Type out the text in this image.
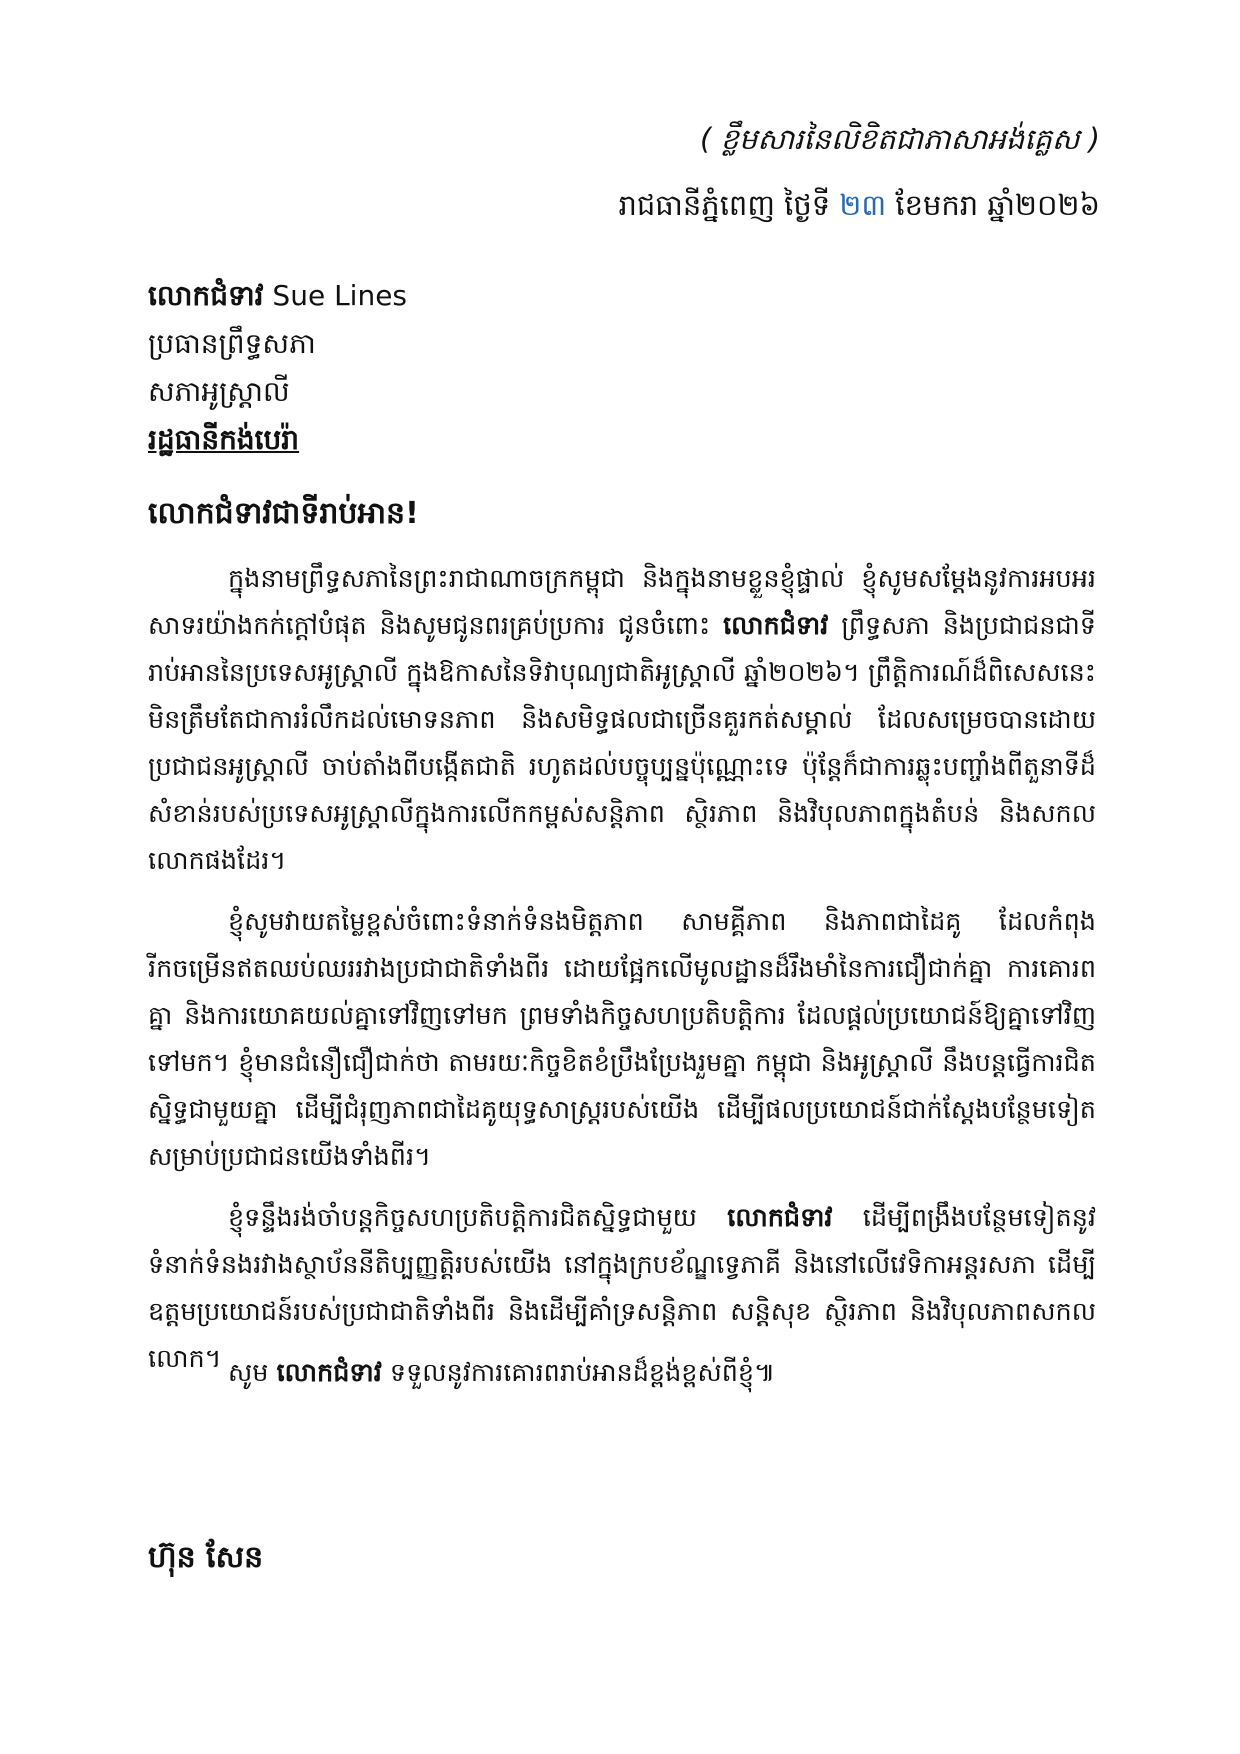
( ខ្លឹមសារនៃលិខិតជាភាសាអង់គ្លេស )
រាជធានីភ្នំពេញ ថ្ងៃទី ២៣ ខែមករា ឆ្នាំ២០២៦
លោកជំទាវ Sue Lines
ប្រធានព្រឹទ្ធសភា
សភាអូស្ត្រាលី
រដ្ឋធានីកង់បេរ៉ា
លោកជំទាវជាទីរាប់អាន!

ក្នុងនាមព្រឹទ្ធសភានៃព្រះរាជាណាចក្រកម្ពុជា និងក្នុងនាមខ្លួនខ្ញុំផ្ទាល់ ខ្ញុំសូមសម្ដែងនូវការអបអរសាទរយ៉ាងកក់ក្ដៅបំផុត និងសូមជូនពរគ្រប់ប្រការ ជូនចំពោះ លោកជំទាវ ព្រឹទ្ធសភា និងប្រជាជនជាទីរាប់អាននៃប្រទេសអូស្ត្រាលី ក្នុងឱកាសនៃទិវាបុណ្យជាតិអូស្ត្រាលី ឆ្នាំ២០២៦។ ព្រឹត្តិការណ៍ដ៏ពិសេសនេះ មិនត្រឹមតែជាការរំលឹកដល់មោទនភាព និងសមិទ្ធផលជាច្រើនគួរកត់សម្គាល់ ដែលសម្រេចបានដោយប្រជាជនអូស្ត្រាលី ចាប់តាំងពីបង្កើតជាតិ រហូតដល់បច្ចុប្បន្នប៉ុណ្ណោះទេ ប៉ុន្តែក៏ជាការឆ្លុះបញ្ចាំងពីតួនាទីដ៏សំខាន់របស់ប្រទេសអូស្ត្រាលីក្នុងការលើកកម្ពស់សន្តិភាព ស្ថិរភាព និងវិបុលភាពក្នុងតំបន់ និងសកលលោកផងដែរ។

ខ្ញុំសូមវាយតម្លៃខ្ពស់ចំពោះទំនាក់ទំនងមិត្តភាព សាមគ្គីភាព និងភាពជាដៃគូ ដែលកំពុងរីកចម្រើនឥតឈប់ឈររវាងប្រជាជាតិទាំងពីរ ដោយផ្អែកលើមូលដ្ឋានដ៏រឹងមាំនៃការជឿជាក់គ្នា ការគោរពគ្នា និងការយោគយល់គ្នាទៅវិញទៅមក ព្រមទាំងកិច្ចសហប្រតិបត្តិការ ដែលផ្ដល់ប្រយោជន៍ឱ្យគ្នាទៅវិញទៅមក។ ខ្ញុំមានជំនឿជឿជាក់ថា តាមរយៈកិច្ចខិតខំប្រឹងប្រែងរួមគ្នា កម្ពុជា និងអូស្ត្រាលី នឹងបន្តធ្វើការជិតស្និទ្ធជាមួយគ្នា ដើម្បីជំរុញភាពជាដៃគូយុទ្ធសាស្ត្ររបស់យើង ដើម្បីផលប្រយោជន៍ជាក់ស្ដែងបន្ថែមទៀតសម្រាប់ប្រជាជនយើងទាំងពីរ។

ខ្ញុំទន្ទឹងរង់ចាំបន្តកិច្ចសហប្រតិបត្តិការជិតស្និទ្ធជាមួយ លោកជំទាវ ដើម្បីពង្រឹងបន្ថែមទៀតនូវទំនាក់ទំនងរវាងស្ថាប័ននីតិប្បញ្ញត្តិរបស់យើង នៅក្នុងក្របខ័ណ្ឌទ្វេភាគី និងនៅលើវេទិកាអន្តរសភា ដើម្បីឧត្តមប្រយោជន៍របស់ប្រជាជាតិទាំងពីរ និងដើម្បីគាំទ្រសន្តិភាព សន្តិសុខ ស្ថិរភាព និងវិបុលភាពសកលលោក។ សូម លោកជំទាវ ទទួលនូវការគោរពរាប់អានដ៏ខ្ពង់ខ្ពស់ពីខ្ញុំ៕
ហ៊ុន សែន
